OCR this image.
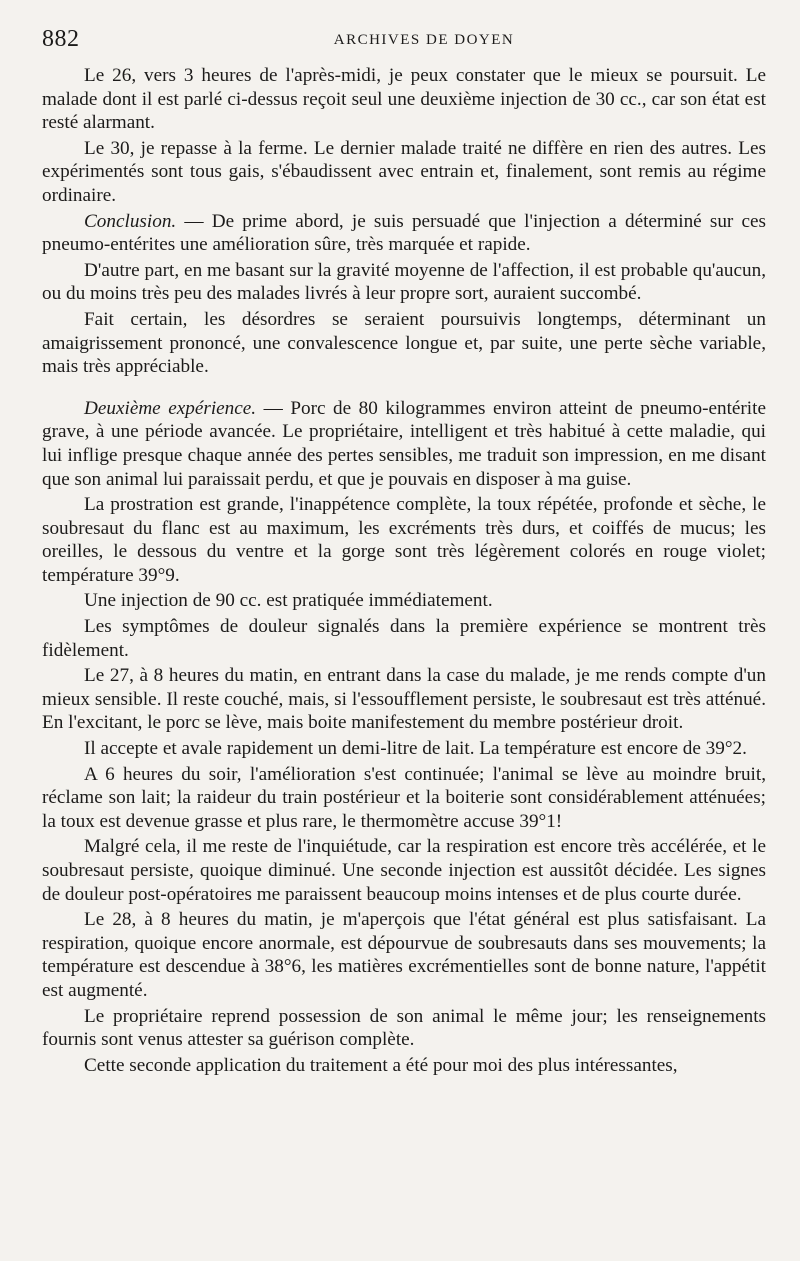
882	ARCHIVES DE DOYEN

Le 26, vers 3 heures de l'après-midi, je peux constater que le mieux se poursuit. Le malade dont il est parlé ci-dessus reçoit seul une deuxième injection de 30 cc., car son état est resté alarmant.

Le 30, je repasse à la ferme. Le dernier malade traité ne diffère en rien des autres. Les expérimentés sont tous gais, s'ébaudissent avec entrain et, finalement, sont remis au régime ordinaire.

Conclusion. — De prime abord, je suis persuadé que l'injection a déterminé sur ces pneumo-entérites une amélioration sûre, très marquée et rapide.

D'autre part, en me basant sur la gravité moyenne de l'affection, il est probable qu'aucun, ou du moins très peu des malades livrés à leur propre sort, auraient succombé.

Fait certain, les désordres se seraient poursuivis longtemps, déterminant un amaigrissement prononcé, une convalescence longue et, par suite, une perte sèche variable, mais très appréciable.

Deuxième expérience. — Porc de 80 kilogrammes environ atteint de pneumo-entérite grave, à une période avancée. Le propriétaire, intelligent et très habitué à cette maladie, qui lui inflige presque chaque année des pertes sensibles, me traduit son impression, en me disant que son animal lui paraissait perdu, et que je pouvais en disposer à ma guise.

La prostration est grande, l'inappétence complète, la toux répétée, profonde et sèche, le soubresaut du flanc est au maximum, les excréments très durs, et coiffés de mucus; les oreilles, le dessous du ventre et la gorge sont très légèrement colorés en rouge violet; température 39°9.

Une injection de 90 cc. est pratiquée immédiatement.

Les symptômes de douleur signalés dans la première expérience se montrent très fidèlement.

Le 27, à 8 heures du matin, en entrant dans la case du malade, je me rends compte d'un mieux sensible. Il reste couché, mais, si l'essoufflement persiste, le soubresaut est très atténué. En l'excitant, le porc se lève, mais boite manifestement du membre postérieur droit.

Il accepte et avale rapidement un demi-litre de lait. La température est encore de 39°2.

A 6 heures du soir, l'amélioration s'est continuée; l'animal se lève au moindre bruit, réclame son lait; la raideur du train postérieur et la boiterie sont considérablement atténuées; la toux est devenue grasse et plus rare, le thermomètre accuse 39°1!

Malgré cela, il me reste de l'inquiétude, car la respiration est encore très accélérée, et le soubresaut persiste, quoique diminué. Une seconde injection est aussitôt décidée. Les signes de douleur post-opératoires me paraissent beaucoup moins intenses et de plus courte durée.

Le 28, à 8 heures du matin, je m'aperçois que l'état général est plus satisfaisant. La respiration, quoique encore anormale, est dépourvue de soubresauts dans ses mouvements; la température est descendue à 38°6, les matières excrémentielles sont de bonne nature, l'appétit est augmenté.

Le propriétaire reprend possession de son animal le même jour; les renseignements fournis sont venus attester sa guérison complète.

Cette seconde application du traitement a été pour moi des plus intéressantes,
